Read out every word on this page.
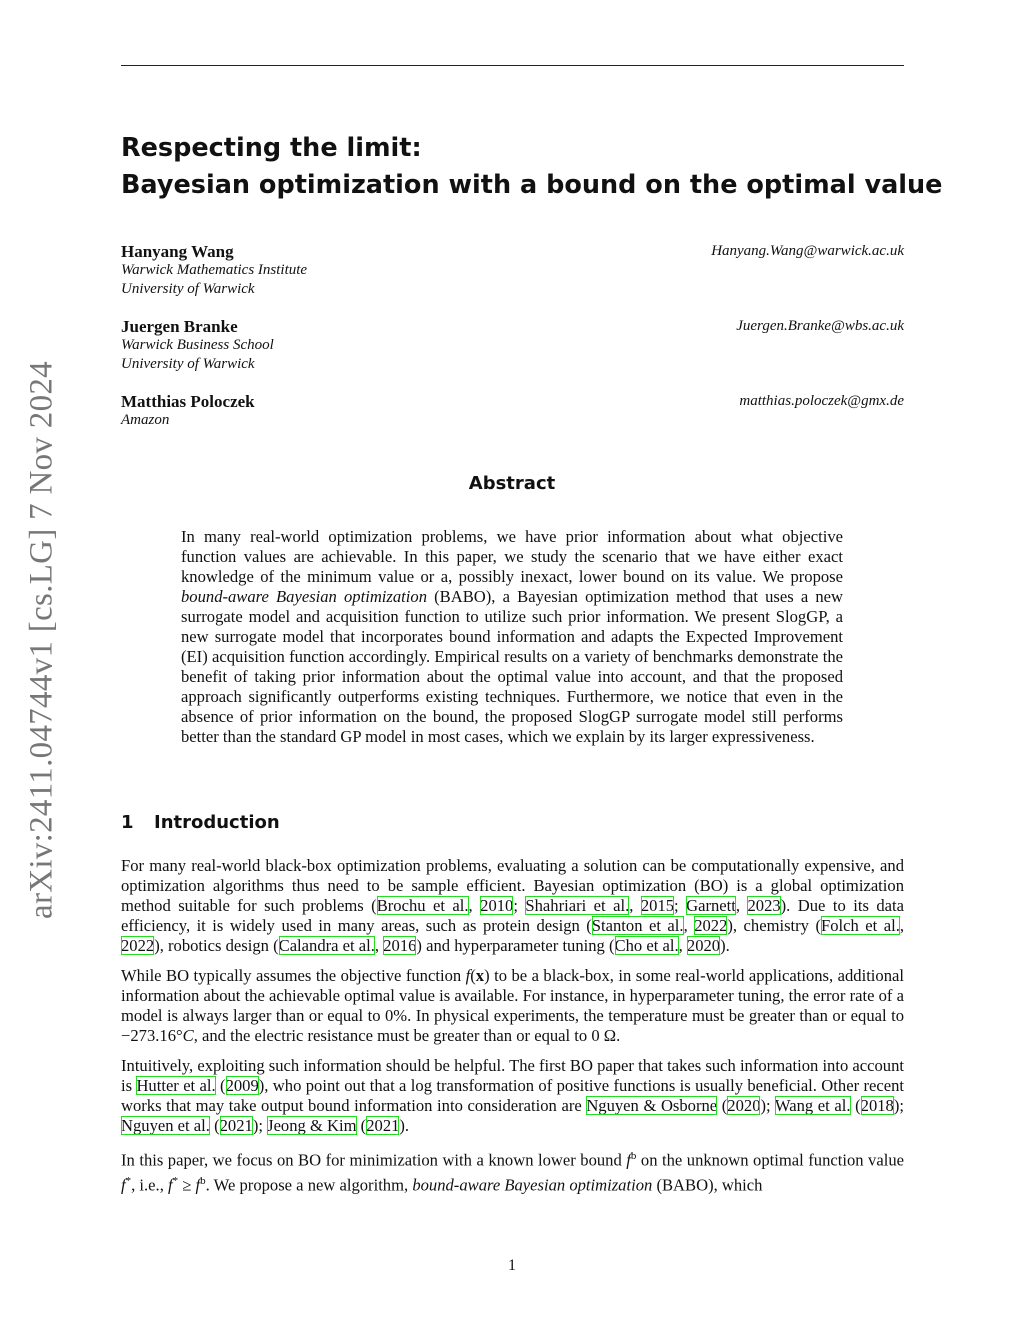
arXiv:2411.04744v1 [cs.LG] 7 Nov 2024
Respecting the limit:
Bayesian optimization with a bound on the optimal value
Hanyang Wang
Warwick Mathematics Institute
University of Warwick
Hanyang.Wang@warwick.ac.uk
Juergen Branke
Warwick Business School
University of Warwick
Juergen.Branke@wbs.ac.uk
Matthias Poloczek
Amazon
matthias.poloczek@gmx.de
Abstract
In many real-world optimization problems, we have prior information about what objective function values are achievable. In this paper, we study the scenario that we have either exact knowledge of the minimum value or a, possibly inexact, lower bound on its value. We propose bound-aware Bayesian optimization (BABO), a Bayesian optimization method that uses a new surrogate model and acquisition function to utilize such prior information. We present SlogGP, a new surrogate model that incorporates bound information and adapts the Expected Improvement (EI) acquisition function accordingly. Empirical results on a variety of benchmarks demonstrate the benefit of taking prior information about the optimal value into account, and that the proposed approach significantly outperforms existing techniques. Furthermore, we notice that even in the absence of prior information on the bound, the proposed SlogGP surrogate model still performs better than the standard GP model in most cases, which we explain by its larger expressiveness.
1 Introduction

For many real-world black-box optimization problems, evaluating a solution can be computationally expensive, and optimization algorithms thus need to be sample efficient. Bayesian optimization (BO) is a global optimization method suitable for such problems (Brochu et al., 2010; Shahriari et al., 2015; Garnett, 2023). Due to its data efficiency, it is widely used in many areas, such as protein design (Stanton et al., 2022), chemistry (Folch et al., 2022), robotics design (Calandra et al., 2016) and hyperparameter tuning (Cho et al., 2020).

While BO typically assumes the objective function f(x) to be a black-box, in some real-world applications, additional information about the achievable optimal value is available. For instance, in hyperparameter tuning, the error rate of a model is always larger than or equal to 0%. In physical experiments, the temperature must be greater than or equal to −273.16°C, and the electric resistance must be greater than or equal to 0 Ω.

Intuitively, exploiting such information should be helpful. The first BO paper that takes such information into account is Hutter et al. (2009), who point out that a log transformation of positive functions is usually beneficial. Other recent works that may take output bound information into consideration are Nguyen & Osborne (2020); Wang et al. (2018); Nguyen et al. (2021); Jeong & Kim (2021).

In this paper, we focus on BO for minimization with a known lower bound $f^b$ on the unknown optimal function value f*, i.e., $f^* \ge f^b$. We propose a new algorithm, bound-aware Bayesian optimization (BABO), which

1
